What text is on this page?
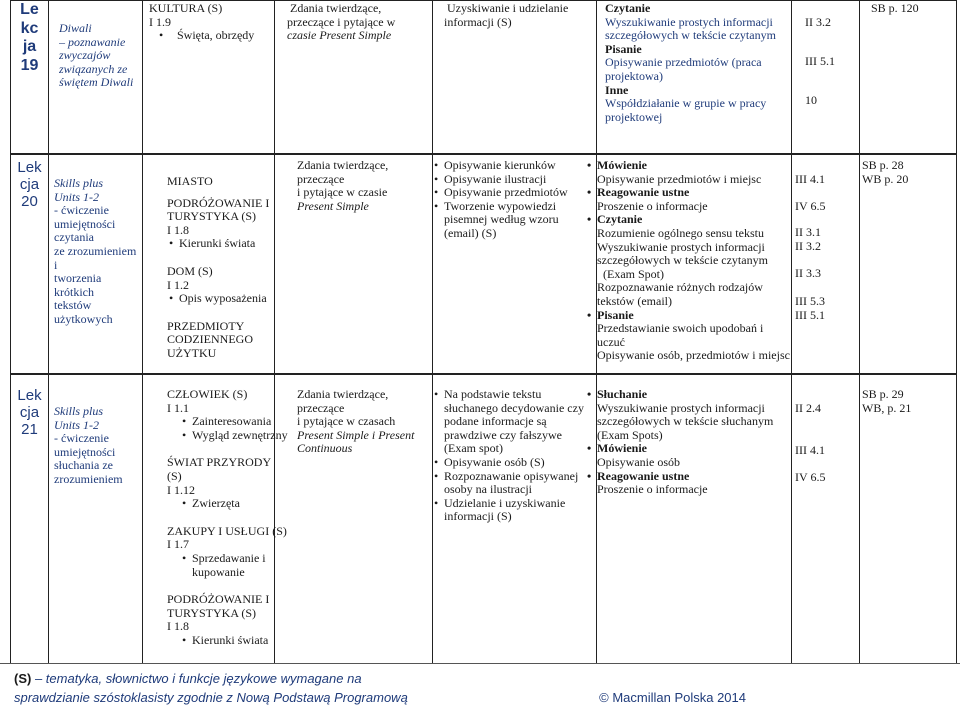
Le
kc
ja
19
Diwali
– poznawanie
zwyczajów
związanych ze
świętem Diwali
KULTURA (S)
I 1.9
• Święta, obrzędy
• Zdania twierdzące,
przeczące i pytające w
czasie Present Simple
• Uzyskiwanie i udzielanie
informacji (S)
• Czytanie
Wyszukiwanie prostych informacji
szczegółowych w tekście czytanym
• Pisanie
Opisywanie przedmiotów (praca
projektowa)
• Inne
Współdziałanie w grupie w pracy
projektowej
II 3.2
III 5.1
10
SB p. 120
Lek
cja
20
Skills plus
Units 1-2
- ćwiczenie
umiejętności czytania
ze zrozumieniem i
tworzenia krótkich
tekstów użytkowych
MIASTO
PODRÓŻOWANIE I
TURYSTYKA (S)
I 1.8
• Kierunki świata
DOM (S)
I 1.2
• Opis wyposażenia
PRZEDMIOTY
CODZIENNEGO
UŻYTKU
• Zdania twierdzące,
przeczące
i pytające w czasie
Present Simple
• Opisywanie kierunków
• Opisywanie ilustracji
• Opisywanie przedmiotów
• Tworzenie wypowiedzi
pisemnej według wzoru
(email) (S)
• Mówienie
Opisywanie przedmiotów i miejsc
• Reagowanie ustne
Proszenie o informacje
• Czytanie
Rozumienie ogólnego sensu tekstu
Wyszukiwanie prostych informacji
szczegółowych w tekście czytanym
(Exam Spot)
Rozpoznawanie różnych rodzajów
tekstów (email)
• Pisanie
Przedstawianie swoich upodobań i uczuć
Opisywanie osób, przedmiotów i miejsc
III 4.1
IV 6.5
II 3.1
II 3.2
II 3.3
III 5.3
III 5.1
SB p. 28
WB p. 20
Lek
cja
21
Skills plus
Units 1-2
- ćwiczenie
umiejętności
słuchania ze
zrozumieniem
CZŁOWIEK (S)
I 1.1
• Zainteresowania
• Wygląd zewnętrzny
ŚWIAT PRZYRODY
(S)
I 1.12
• Zwierzęta
ZAKUPY I USŁUGI (S)
I 1.7
• Sprzedawanie i
kupowanie
PODRÓŻOWANIE I
TURYSTYKA (S)
I 1.8
• Kierunki świata
• Zdania twierdzące,
przeczące
i pytające w czasach
Present Simple i Present
Continuous
• Na podstawie tekstu
słuchanego decydowanie czy
podane informacje są
prawdziwe czy fałszywe
(Exam spot)
• Opisywanie osób (S)
• Rozpoznawanie opisywanej
osoby na ilustracji
• Udzielanie i uzyskiwanie
informacji (S)
• Słuchanie
Wyszukiwanie prostych informacji
szczegółowych w tekście słuchanym
(Exam Spots)
• Mówienie
Opisywanie osób
• Reagowanie ustne
Proszenie o informacje
II 2.4
III 4.1
IV 6.5
SB p. 29
WB, p. 21
(S) – tematyka, słownictwo i funkcje językowe wymagane na
sprawdzianie szóstoklasisty zgodnie z Nową Podstawą Programową	© Macmillan Polska 2014
